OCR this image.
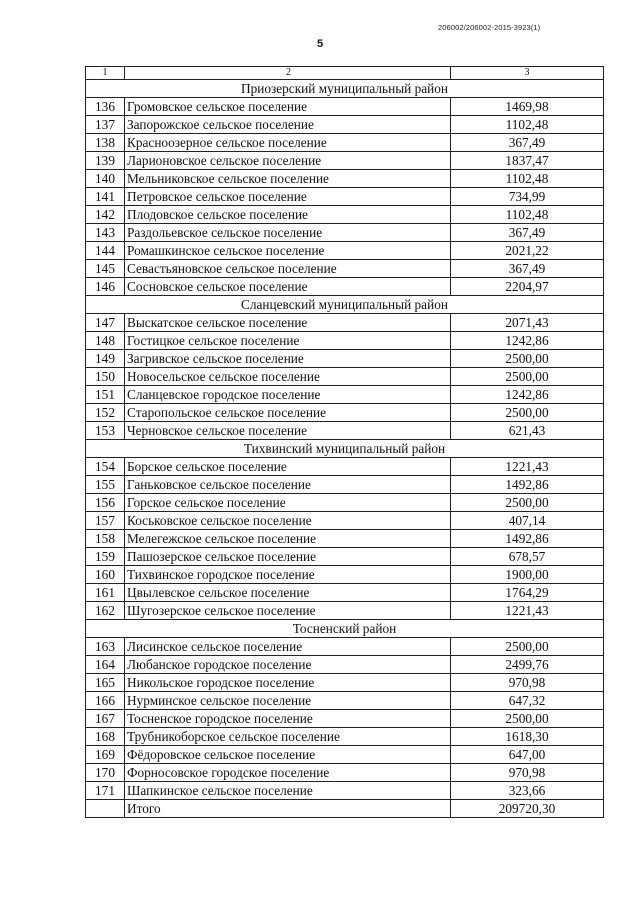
206002/206002-2015-3923(1)
5
1	2	3
Приозерский муниципальный район		
136	Громовское сельское поселение	1469,98
137	Запорожское сельское поселение	1102,48
138	Красноозерное сельское поселение	367,49
139	Ларионовское сельское поселение	1837,47
140	Мельниковское сельское поселение	1102,48
141	Петровское сельское поселение	734,99
142	Плодовское сельское поселение	1102,48
143	Раздольевское сельское поселение	367,49
144	Ромашкинское сельское поселение	2021,22
145	Севастьяновское сельское поселение	367,49
146	Сосновское сельское поселение	2204,97
Сланцевский муниципальный район		
147	Выскатское сельское поселение	2071,43
148	Гостицкое сельское поселение	1242,86
149	Загривское сельское поселение	2500,00
150	Новосельское сельское поселение	2500,00
151	Сланцевское городское поселение	1242,86
152	Старопольское сельское поселение	2500,00
153	Черновское сельское поселение	621,43
Тихвинский муниципальный район		
154	Борское сельское поселение	1221,43
155	Ганьковское сельское поселение	1492,86
156	Горское сельское поселение	2500,00
157	Коськовское сельское поселение	407,14
158	Мелегежское сельское поселение	1492,86
159	Пашозерское сельское поселение	678,57
160	Тихвинское городское поселение	1900,00
161	Цвылевское сельское поселение	1764,29
162	Шугозерское сельское поселение	1221,43
Тосненский район		
163	Лисинское сельское поселение	2500,00
164	Любанское городское поселение	2499,76
165	Никольское городское поселение	970,98
166	Нурминское сельское поселение	647,32
167	Тосненское городское поселение	2500,00
168	Трубникоборское сельское поселение	1618,30
169	Фёдоровское сельское поселение	647,00
170	Форносовское городское поселение	970,98
171	Шапкинское сельское поселение	323,66
	Итого	209720,30
